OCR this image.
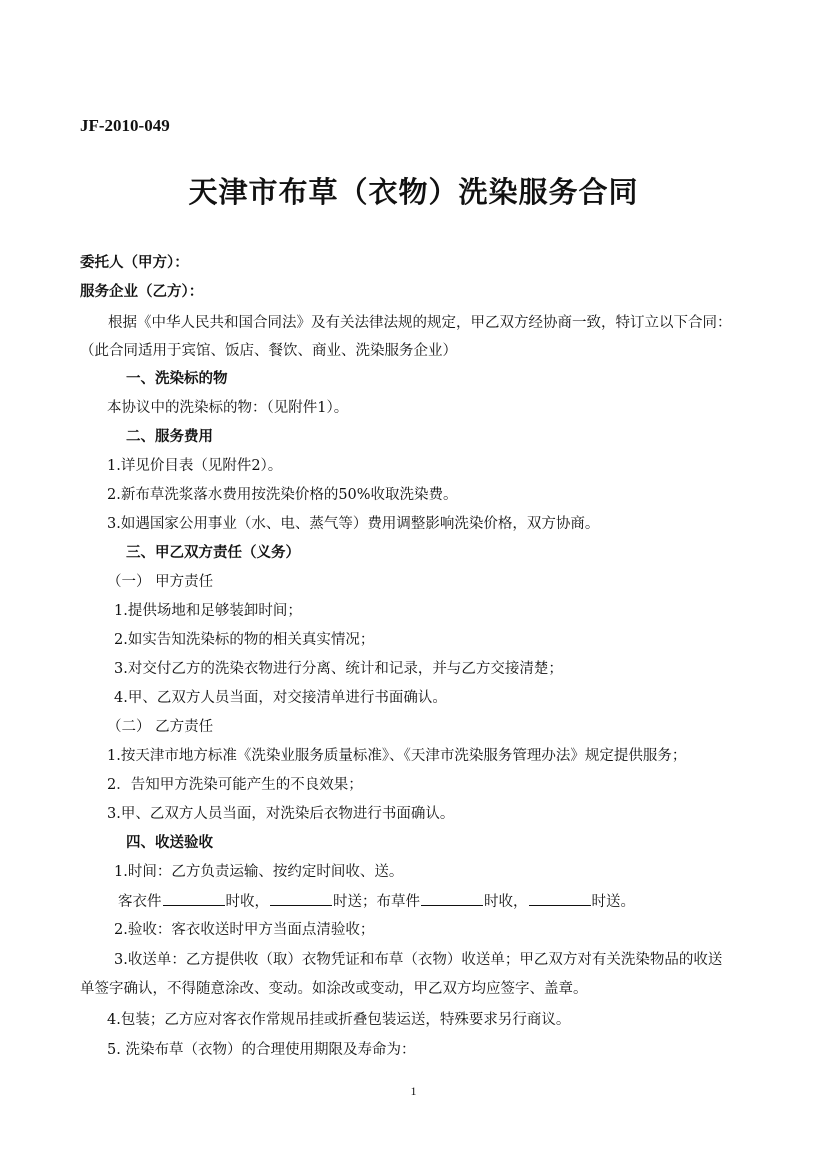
JF-2010-049
天津市布草（衣物）洗染服务合同
委托人（甲方）：
服务企业（乙方）：
根据《中华人民共和国合同法》及有关法律法规的规定，甲乙双方经协商一致，特订立以下合同：
（此合同适用于宾馆、饭店、餐饮、商业、洗染服务企业）
一、洗染标的物
本协议中的洗染标的物：（见附件1）。
二、服务费用
1.详见价目表（见附件2）。
2.新布草洗浆落水费用按洗染价格的50%收取洗染费。
3.如遇国家公用事业（水、电、蒸气等）费用调整影响洗染价格，双方协商。
三、甲乙双方责任（义务）
（一） 甲方责任
1.提供场地和足够装卸时间；
2.如实告知洗染标的物的相关真实情况；
3.对交付乙方的洗染衣物进行分离、统计和记录，并与乙方交接清楚；
4.甲、乙双方人员当面，对交接清单进行书面确认。
（二） 乙方责任
1.按天津市地方标准《洗染业服务质量标准》、《天津市洗染服务管理办法》规定提供服务；
2．告知甲方洗染可能产生的不良效果；
3.甲、乙双方人员当面，对洗染后衣物进行书面确认。
四、收送验收
1.时间：乙方负责运输、按约定时间收、送。
客衣件	时收，	时送；布草件	时收，	时送。
2.验收：客衣收送时甲方当面点清验收；
3.收送单：乙方提供收（取）衣物凭证和布草（衣物）收送单；甲乙双方对有关洗染物品的收送
单签字确认，不得随意涂改、变动。如涂改或变动，甲乙双方均应签字、盖章。
4.包装；乙方应对客衣作常规吊挂或折叠包装运送，特殊要求另行商议。
5. 洗染布草（衣物）的合理使用期限及寿命为：
1
